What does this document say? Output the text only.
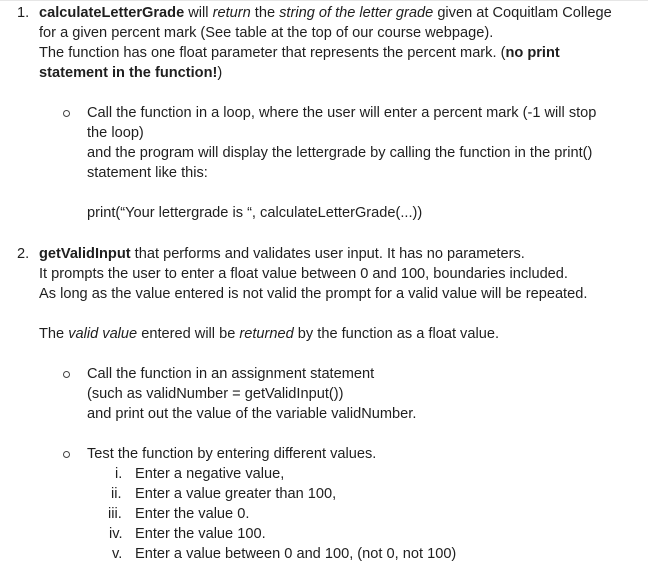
1. calculateLetterGrade will return the string of the letter grade given at Coquitlam College
for a given percent mark (See table at the top of our course webpage).
The function has one float parameter that represents the percent mark. (no print
statement in the function!)
Call the function in a loop, where the user will enter a percent mark (-1 will stop
the loop)
and the program will display the lettergrade by calling the function in the print()
statement like this:
print(“Your lettergrade is “, calculateLetterGrade(...))
2. getValidInput that performs and validates user input. It has no parameters.
It prompts the user to enter a float value between 0 and 100, boundaries included.
As long as the value entered is not valid the prompt for a valid value will be repeated.
The valid value entered will be returned by the function as a float value.
Call the function in an assignment statement
(such as validNumber = getValidInput())
and print out the value of the variable validNumber.
Test the function by entering different values.
i. Enter a negative value,
ii. Enter a value greater than 100,
iii. Enter the value 0.
iv. Enter the value 100.
v. Enter a value between 0 and 100, (not 0, not 100)
